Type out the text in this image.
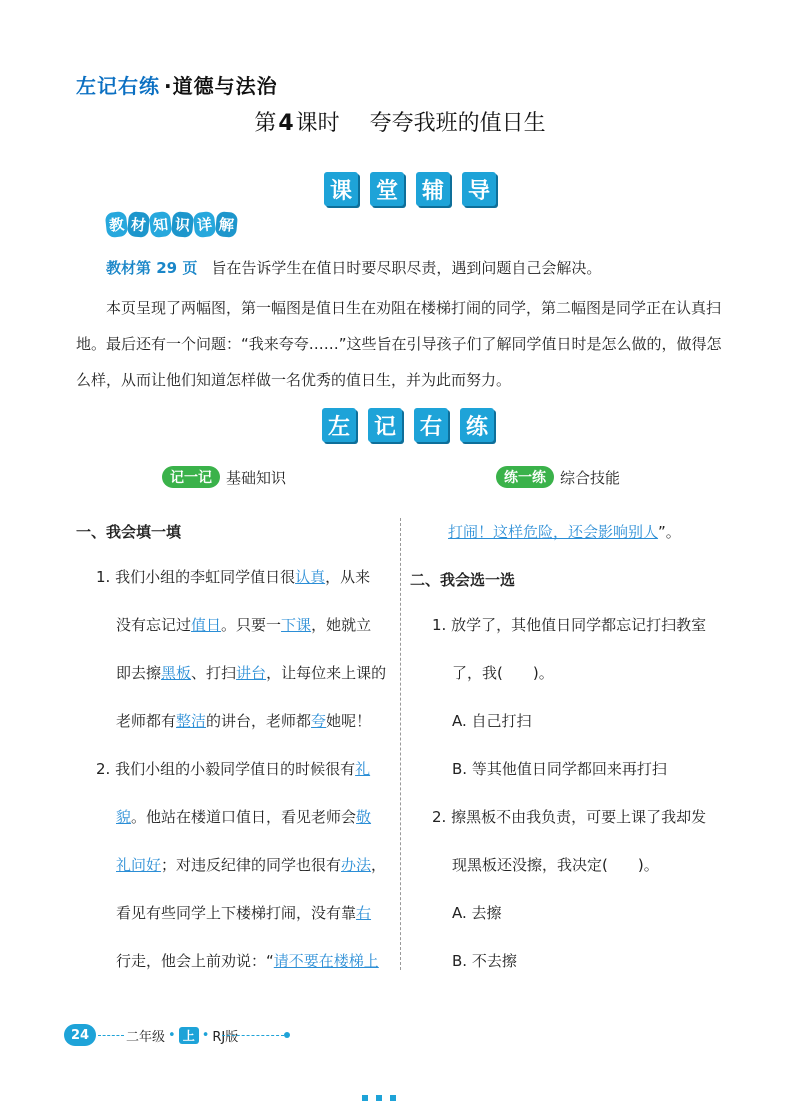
左记右练 ·道德与法治
第4课时 夸夸我班的值日生
课 堂 辅 导
教 材 知 识 详 解
教材第 29 页 旨在告诉学生在值日时要尽职尽责，遇到问题自己会解决。
本页呈现了两幅图，第一幅图是值日生在劝阻在楼梯打闹的同学，第二幅图是同学正在认真扫地。最后还有一个问题：“我来夸夸……”这些旨在引导孩子们了解同学值日时是怎么做的，做得怎么样，从而让他们知道怎样做一名优秀的值日生，并为此而努力。
左 记 右 练
记一记 基础知识	练一练 综合技能
一、我会填一填
1. 我们小组的李虹同学值日很认真，从来
没有忘记过值日。只要一下课，她就立
即去擦黑板、打扫讲台，让每位来上课的
老师都有整洁的讲台，老师都夸她呢！
2. 我们小组的小毅同学值日的时候很有礼
貌。他站在楼道口值日，看见老师会敬
礼问好；对违反纪律的同学也很有办法，
看见有些同学上下楼梯打闹，没有靠右
行走，他会上前劝说：“请不要在楼梯上
打闹！这样危险，还会影响别人”。
二、我会选一选
1. 放学了，其他值日同学都忘记打扫教室
了，我(　　)。
A. 自己打扫
B. 等其他值日同学都回来再打扫
2. 擦黑板不由我负责，可要上课了我却发
现黑板还没擦，我决定(　　)。
A. 去擦
B. 不去擦
24	二年级 • 上 • RJ版
